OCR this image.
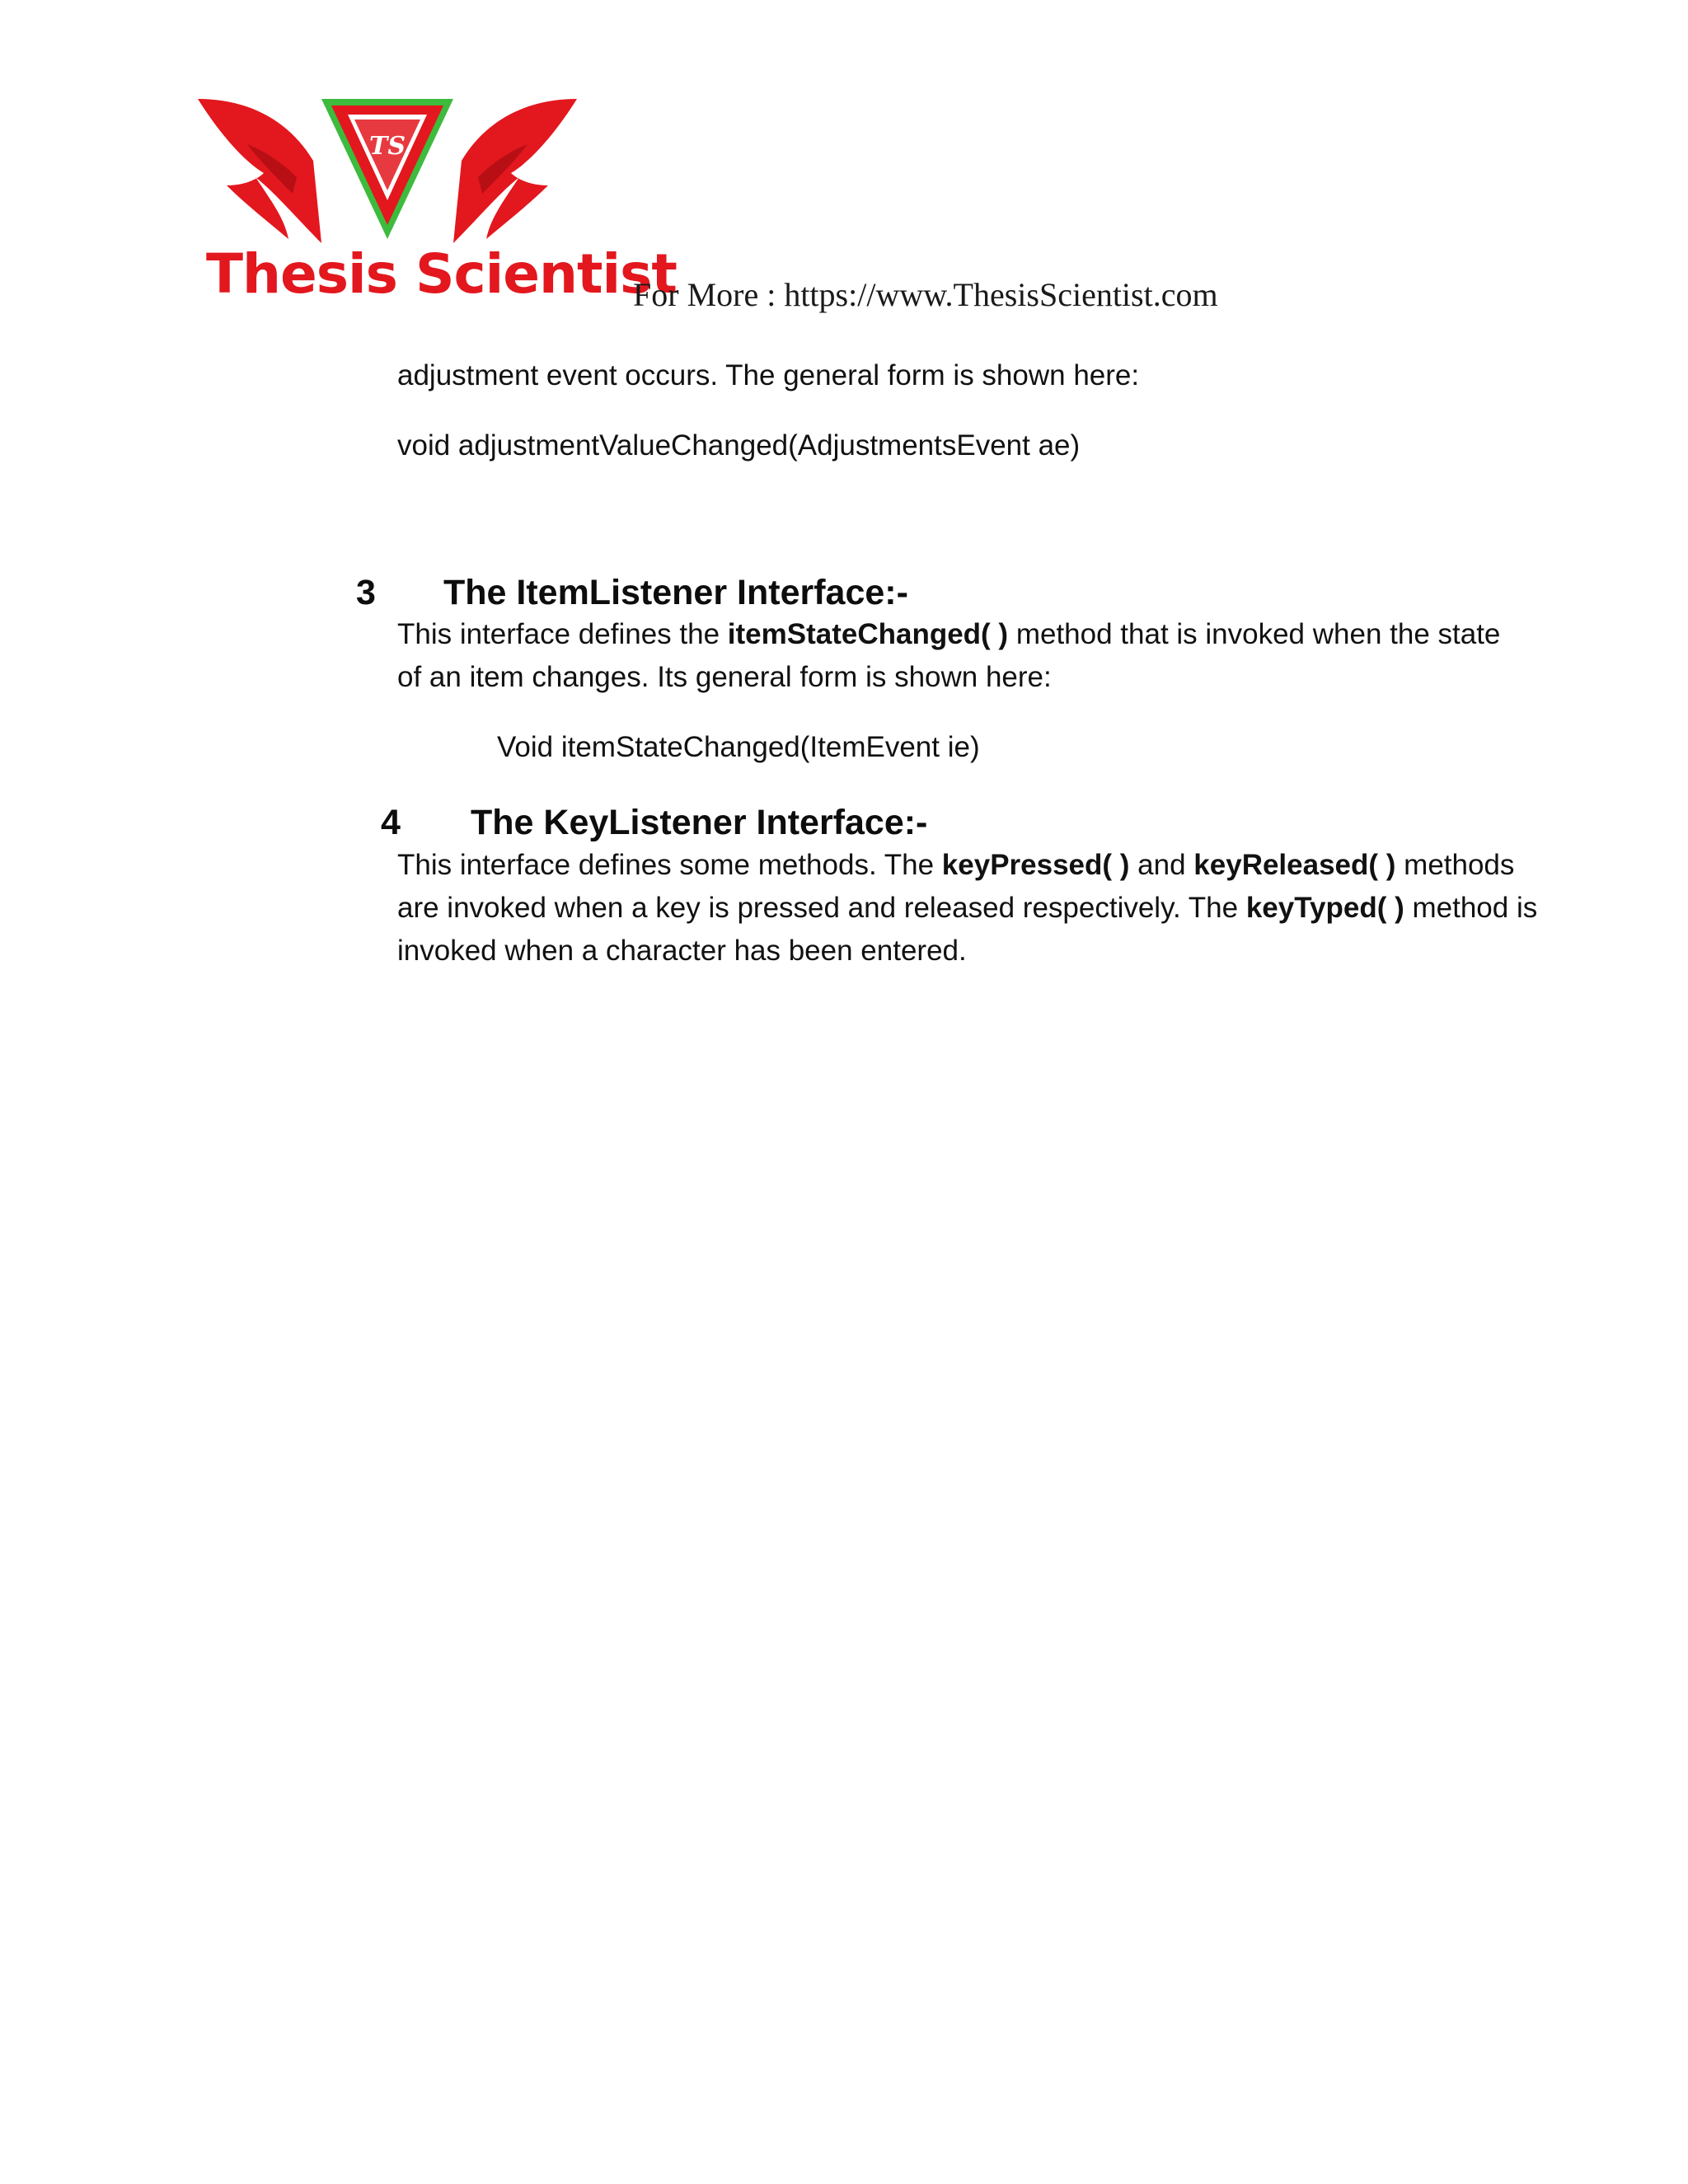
TS
Thesis Scientist
For More : https://www.ThesisScientist.com
adjustment event occurs. The general form is shown here:
void adjustmentValueChanged(AdjustmentsEvent ae)
3 The ItemListener Interface:-
This interface defines the itemStateChanged( ) method that is invoked when the state
of an item changes. Its general form is shown here:
Void itemStateChanged(ItemEvent ie)
4 The KeyListener Interface:-
This interface defines some methods. The keyPressed( ) and keyReleased( ) methods
are invoked when a key is pressed and released respectively. The keyTyped( ) method is
invoked when a character has been entered.
